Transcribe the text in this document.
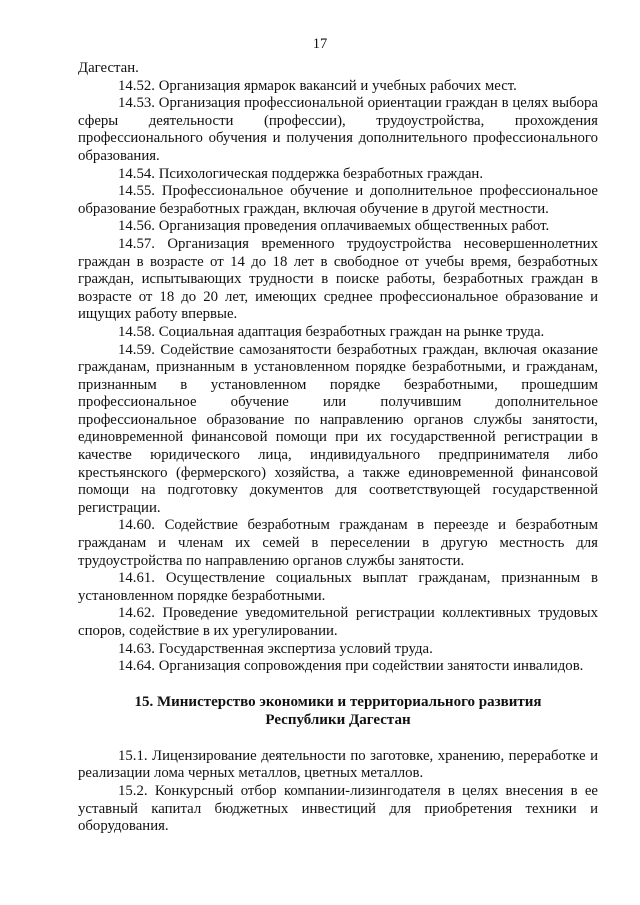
17

Дагестан.

14.52. Организация ярмарок вакансий и учебных рабочих мест.

14.53. Организация профессиональной ориентации граждан в целях выбора сферы деятельности (профессии), трудоустройства, прохождения профессионального обучения и получения дополнительного профессионального образования.

14.54. Психологическая поддержка безработных граждан.

14.55. Профессиональное обучение и дополнительное профессиональное образование безработных граждан, включая обучение в другой местности.

14.56. Организация проведения оплачиваемых общественных работ.

14.57. Организация временного трудоустройства несовершеннолетних граждан в возрасте от 14 до 18 лет в свободное от учебы время, безработных граждан, испытывающих трудности в поиске работы, безработных граждан в возрасте от 18 до 20 лет, имеющих среднее профессиональное образование и ищущих работу впервые.

14.58. Социальная адаптация безработных граждан на рынке труда.

14.59. Содействие самозанятости безработных граждан, включая оказание гражданам, признанным в установленном порядке безработными, и гражданам, признанным в установленном порядке безработными, прошедшим профессиональное обучение или получившим дополнительное профессиональное образование по направлению органов службы занятости, единовременной финансовой помощи при их государственной регистрации в качестве юридического лица, индивидуального предпринимателя либо крестьянского (фермерского) хозяйства, а также единовременной финансовой помощи на подготовку документов для соответствующей государственной регистрации.

14.60. Содействие безработным гражданам в переезде и безработным гражданам и членам их семей в переселении в другую местность для трудоустройства по направлению органов службы занятости.

14.61. Осуществление социальных выплат гражданам, признанным в установленном порядке безработными.

14.62. Проведение уведомительной регистрации коллективных трудовых споров, содействие в их урегулировании.

14.63. Государственная экспертиза условий труда.

14.64. Организация сопровождения при содействии занятости инвалидов.

15. Министерство экономики и территориального развития
Республики Дагестан

15.1. Лицензирование деятельности по заготовке, хранению, переработке и реализации лома черных металлов, цветных металлов.

15.2. Конкурсный отбор компании-лизингодателя в целях внесения в ее уставный капитал бюджетных инвестиций для приобретения техники и оборудования.
